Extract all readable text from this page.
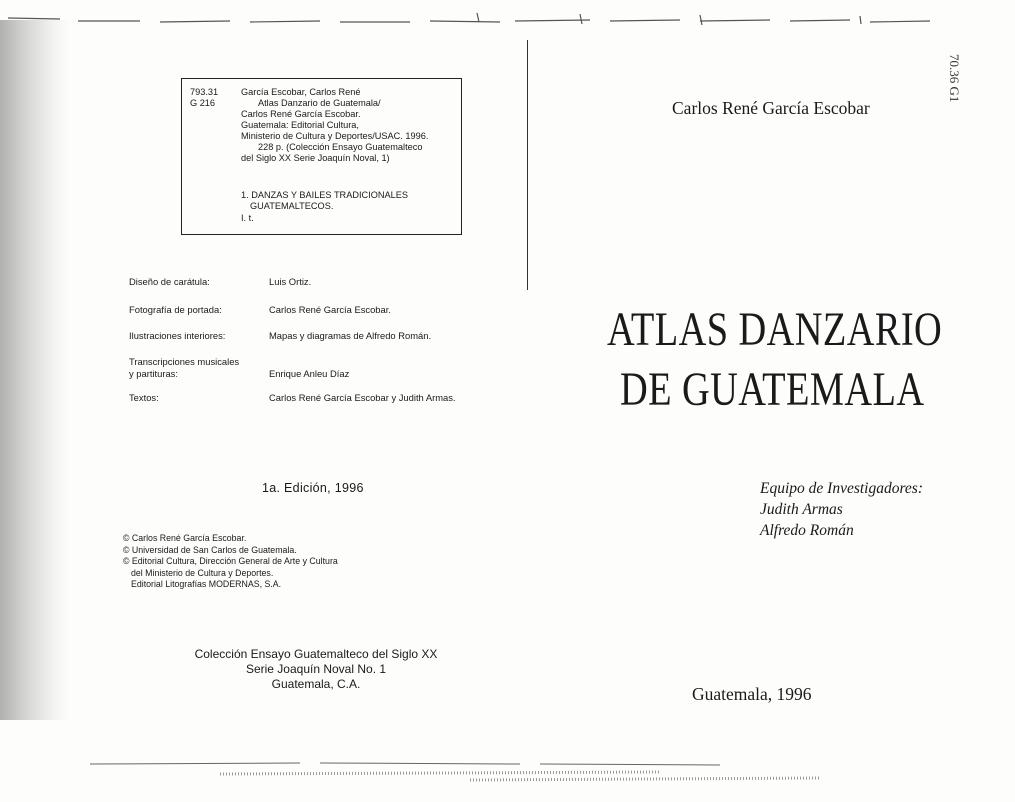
793.31
G 216
García Escobar, Carlos René
Atlas Danzario de Guatemala/
Carlos René García Escobar.
Guatemala: Editorial Cultura,
Ministerio de Cultura y Deportes/USAC. 1996.
228 p. (Colección Ensayo Guatemalteco
del Siglo XX Serie Joaquín Noval, 1)
1. DANZAS Y BAILES TRADICIONALES
GUATEMALTECOS.
I. t.
Diseño de carátula:	Luis Ortiz.
Fotografía de portada:	Carlos René García Escobar.
Ilustraciones interiores:	Mapas y diagramas de Alfredo Román.
Transcripciones musicales
y partituras:	Enrique Anleu Díaz
Textos:	Carlos René García Escobar y Judith Armas.
1a. Edición, 1996
© Carlos René García Escobar.
© Universidad de San Carlos de Guatemala.
© Editorial Cultura, Dirección General de Arte y Cultura
del Ministerio de Cultura y Deportes.
Editorial Litografías MODERNAS, S.A.
Colección Ensayo Guatemalteco del Siglo XX
Serie Joaquín Noval No. 1
Guatemala, C.A.
Carlos René García Escobar
ATLAS DANZARIO
DE GUATEMALA
Equipo de Investigadores:
Judith Armas
Alfredo Román
Guatemala, 1996
70.36 G1
